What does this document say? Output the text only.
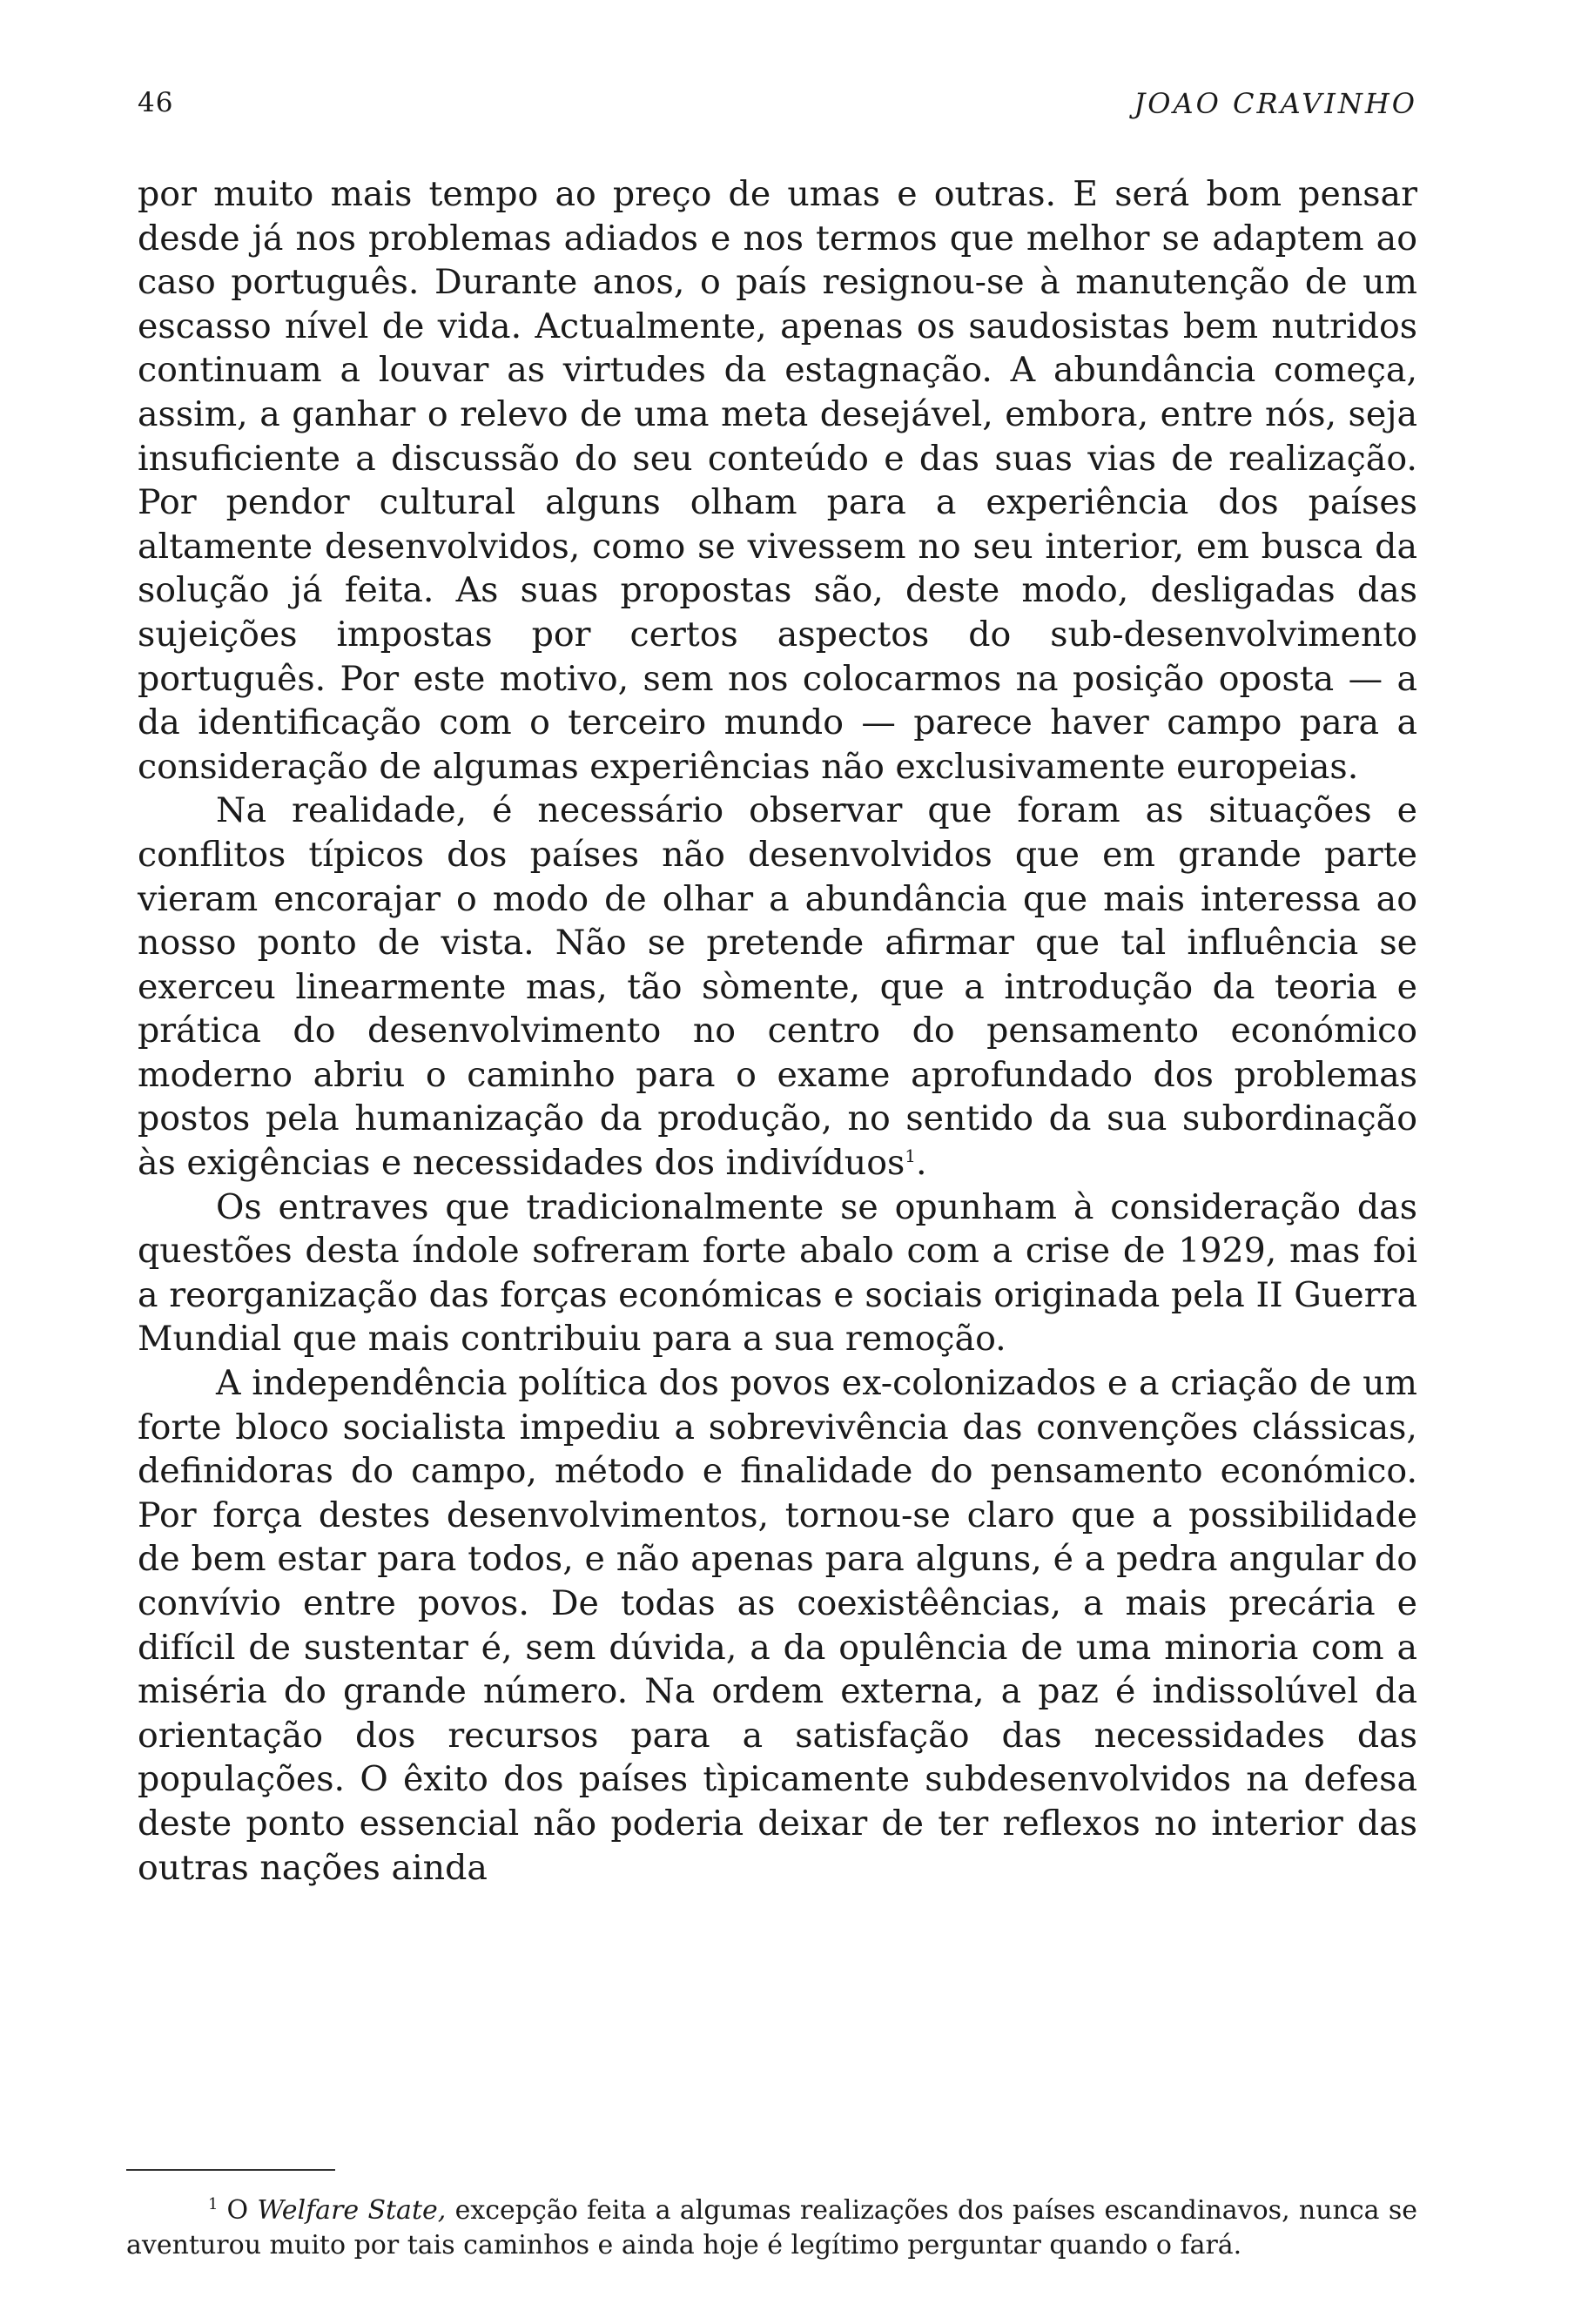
46	JOAO CRAVINHO

por muito mais tempo ao preço de umas e outras. E será bom pensar desde já nos problemas adiados e nos termos que melhor se adaptem ao caso português. Durante anos, o país resignou-se à manutenção de um escasso nível de vida. Actualmente, apenas os saudosistas bem nutridos continuam a louvar as virtudes da estagnação. A abundância começa, assim, a ganhar o relevo de uma meta desejável, embora, entre nós, seja insuficiente a discussão do seu conteúdo e das suas vias de realização. Por pendor cultural alguns olham para a experiência dos países altamente desenvolvidos, como se vivessem no seu interior, em busca da solução já feita. As suas propostas são, deste modo, desligadas das sujeições impostas por certos aspectos do sub-desenvolvimento português. Por este motivo, sem nos colocarmos na posição oposta — a da identificação com o terceiro mundo — parece haver campo para a consideração de algumas experiências não exclusivamente europeias.

Na realidade, é necessário observar que foram as situações e conflitos típicos dos países não desenvolvidos que em grande parte vieram encorajar o modo de olhar a abundância que mais interessa ao nosso ponto de vista. Não se pretende afirmar que tal influência se exerceu linearmente mas, tão sòmente, que a introdução da teoria e prática do desenvolvimento no centro do pensamento económico moderno abriu o caminho para o exame aprofundado dos problemas postos pela humanização da produção, no sentido da sua subordinação às exigências e necessidades dos indivíduos$^1$.

Os entraves que tradicionalmente se opunham à consideração das questões desta índole sofreram forte abalo com a crise de 1929, mas foi a reorganização das forças económicas e sociais originada pela II Guerra Mundial que mais contribuiu para a sua remoção.

A independência política dos povos ex-colonizados e a criação de um forte bloco socialista impediu a sobrevivência das convenções clássicas, definidoras do campo, método e finalidade do pensamento económico. Por força destes desenvolvimentos, tornou-se claro que a possibilidade de bem estar para todos, e não apenas para alguns, é a pedra angular do convívio entre povos. De todas as coexistêências, a mais precária e difícil de sustentar é, sem dúvida, a da opulência de uma minoria com a miséria do grande número. Na ordem externa, a paz é indissolúvel da orientação dos recursos para a satisfação das necessidades das populações. O êxito dos países tìpicamente subdesenvolvidos na defesa deste ponto essencial não poderia deixar de ter reflexos no interior das outras nações ainda

$^1$ O Welfare State, excepção feita a algumas realizações dos países escandinavos, nunca se aventurou muito por tais caminhos e ainda hoje é legítimo perguntar quando o fará.
